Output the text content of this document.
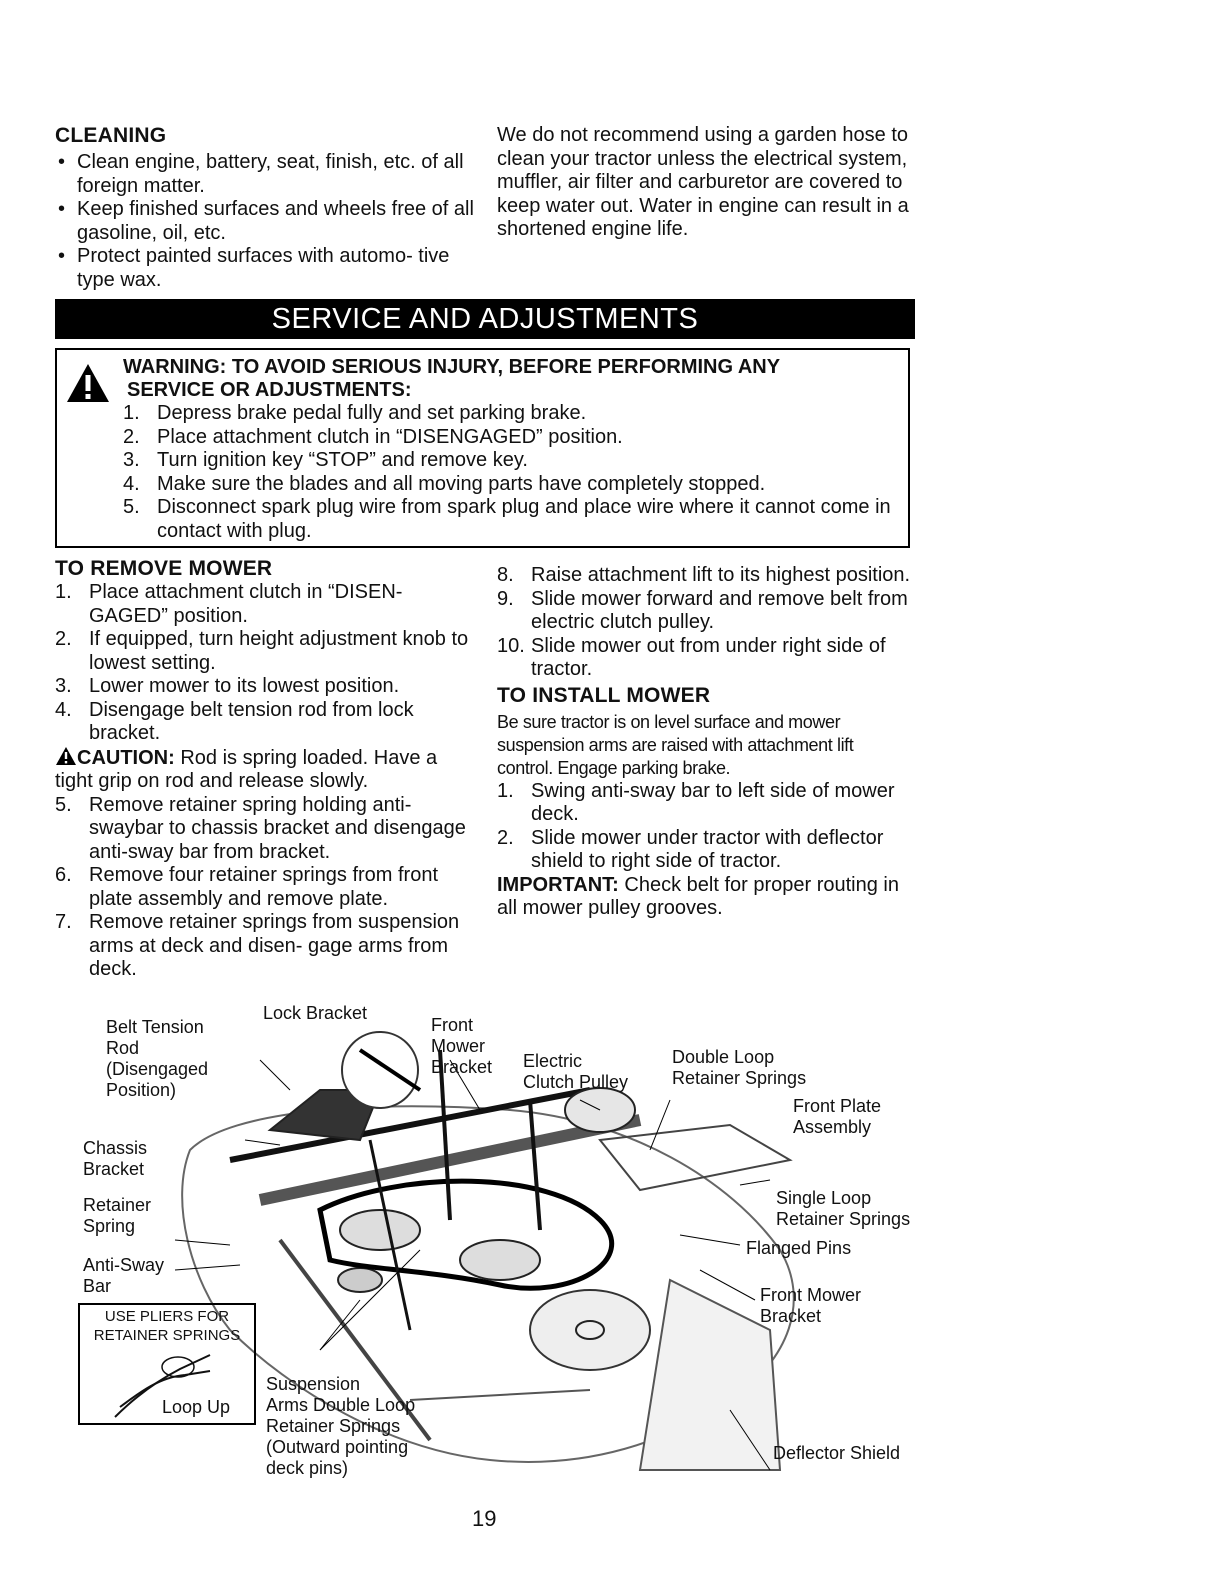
CLEANING
• Clean engine, battery, seat, finish, etc. of all foreign matter.
• Keep finished surfaces and wheels free of all gasoline, oil, etc.
• Protect painted surfaces with automo- tive type wax.
We do not recommend using a garden hose to clean your tractor unless the electrical system, muffler, air filter and carburetor are covered to keep water out. Water in engine can result in a shortened engine life.
SERVICE AND ADJUSTMENTS
WARNING: TO AVOID SERIOUS INJURY, BEFORE PERFORMING ANY
SERVICE OR ADJUSTMENTS:
1. Depress brake pedal fully and set parking brake.
2. Place attachment clutch in “DISENGAGED” position.
3. Turn ignition key “STOP” and remove key.
4. Make sure the blades and all moving parts have completely stopped.
5. Disconnect spark plug wire from spark plug and place wire where it cannot come in contact with plug.
TO REMOVE MOWER
1. Place attachment clutch in “DISEN- GAGED” position.
2. If equipped, turn height adjustment knob to lowest setting.
3. Lower mower to its lowest position.
4. Disengage belt tension rod from lock bracket.
CAUTION: Rod is spring loaded. Have a tight grip on rod and release slowly.
5. Remove retainer spring holding anti- swaybar to chassis bracket and disengage anti-sway bar from bracket.
6. Remove four retainer springs from front plate assembly and remove plate.
7. Remove retainer springs from suspension arms at deck and disen- gage arms from deck.
8. Raise attachment lift to its highest position.
9. Slide mower forward and remove belt from electric clutch pulley.
10. Slide mower out from under right side of tractor.
TO INSTALL MOWER
Be sure tractor is on level surface and mower suspension arms are raised with attachment lift control. Engage parking brake.
1. Swing anti-sway bar to left side of mower deck.
2. Slide mower under tractor with deflector shield to right side of tractor.
IMPORTANT: Check belt for proper routing in all mower pulley grooves.
Lock Bracket
Belt Tension
Rod
(Disengaged
Position)
Front
Mower
Bracket Electric
Clutch Pulley
Double Loop
Retainer Springs
Front Plate
Assembly
Chassis
Bracket
Retainer
Spring
Single Loop
Retainer Springs
Flanged Pins
Anti-Sway
Bar	Front Mower
Bracket
Suspension
Arms Double Loop
Retainer Springs
(Outward pointing
deck pins)
Deflector Shield
USE PLIERS FOR
RETAINER SPRINGS
Loop Up
19
